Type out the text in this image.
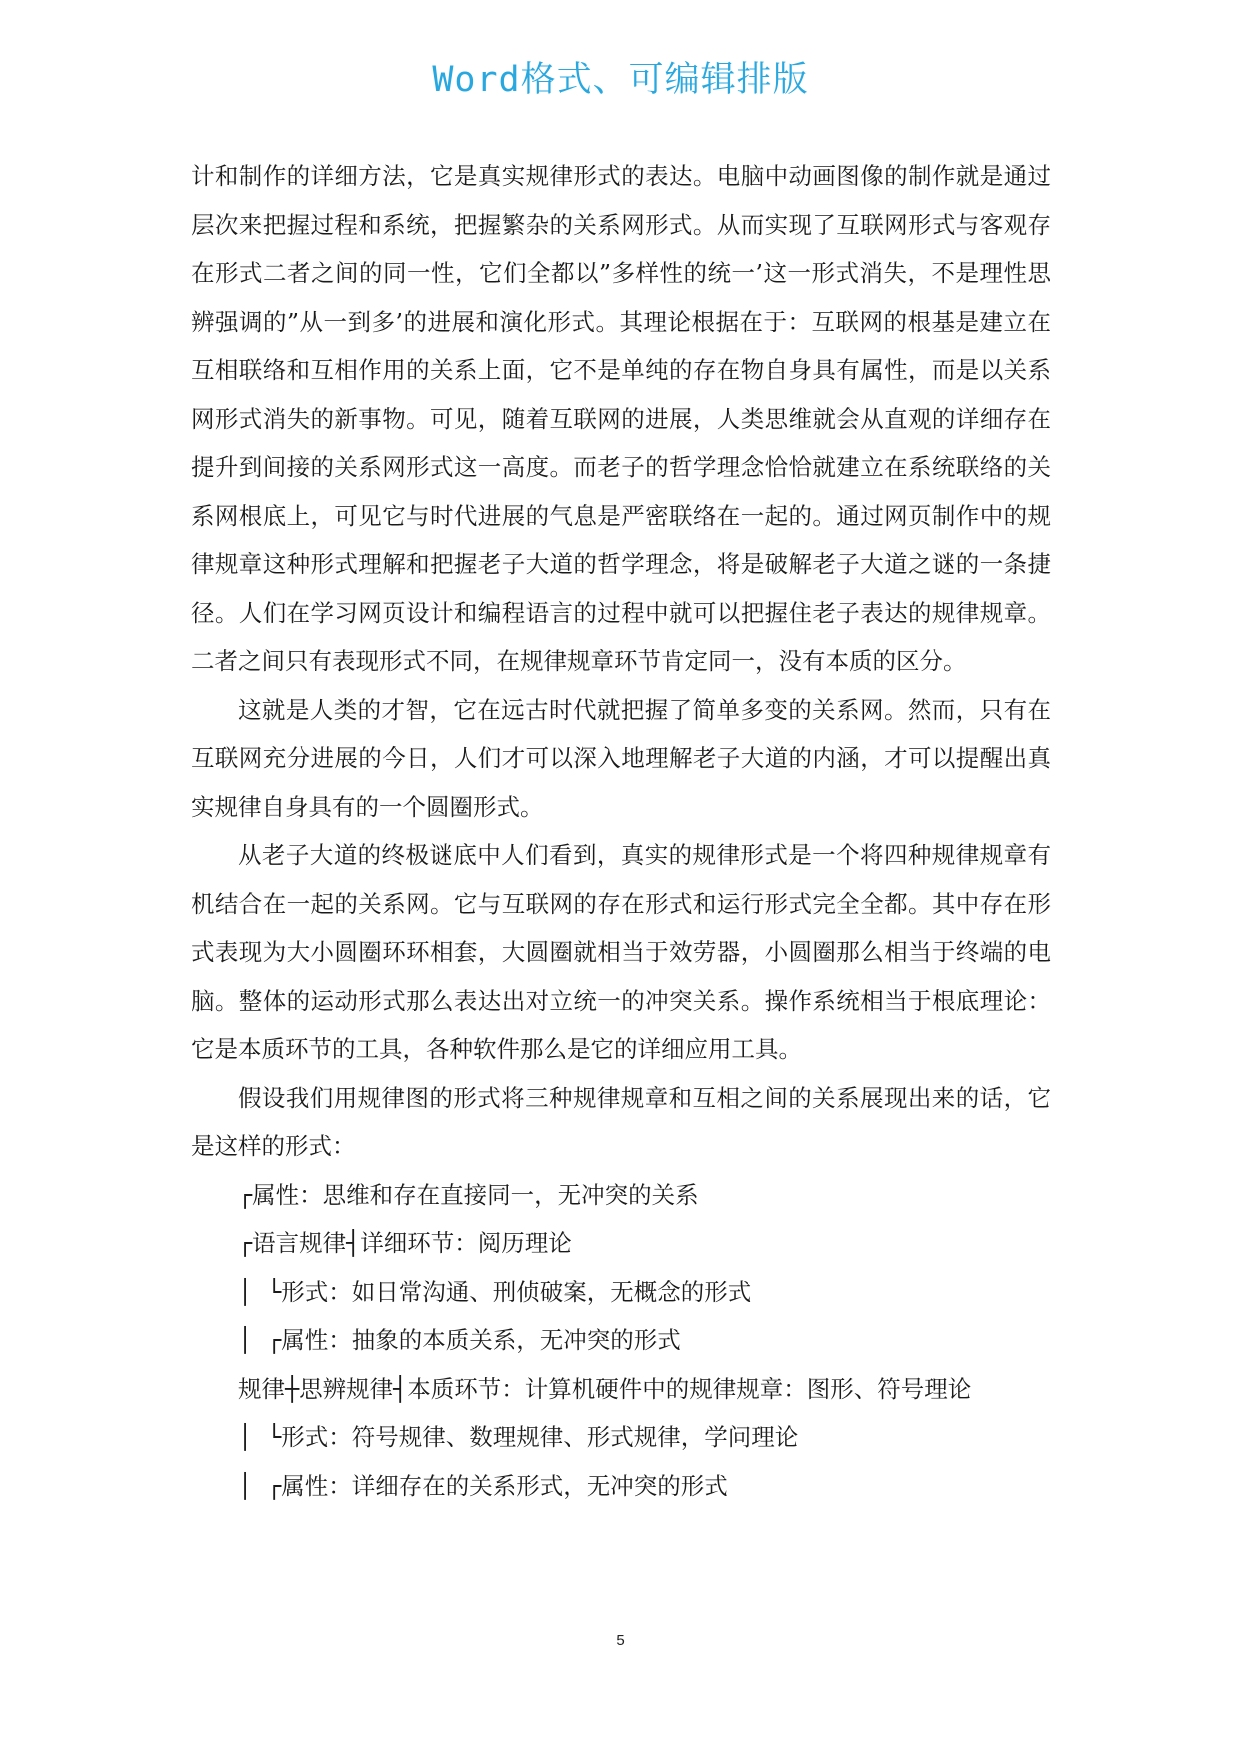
Word格式、可编辑排版

计和制作的详细方法，它是真实规律形式的表达。电脑中动画图像的制作就是通过层次来把握过程和系统，把握繁杂的关系网形式。从而实现了互联网形式与客观存在形式二者之间的同一性，它们全都以”多样性的统一’这一形式消失，不是理性思辨强调的”从一到多’的进展和演化形式。其理论根据在于：互联网的根基是建立在互相联络和互相作用的关系上面，它不是单纯的存在物自身具有属性，而是以关系网形式消失的新事物。可见，随着互联网的进展，人类思维就会从直观的详细存在提升到间接的关系网形式这一高度。而老子的哲学理念恰恰就建立在系统联络的关系网根底上，可见它与时代进展的气息是严密联络在一起的。通过网页制作中的规律规章这种形式理解和把握老子大道的哲学理念，将是破解老子大道之谜的一条捷径。人们在学习网页设计和编程语言的过程中就可以把握住老子表达的规律规章。二者之间只有表现形式不同，在规律规章环节肯定同一，没有本质的区分。

这就是人类的才智，它在远古时代就把握了简单多变的关系网。然而，只有在互联网充分进展的今日，人们才可以深入地理解老子大道的内涵，才可以提醒出真实规律自身具有的一个圆圈形式。

从老子大道的终极谜底中人们看到，真实的规律形式是一个将四种规律规章有机结合在一起的关系网。它与互联网的存在形式和运行形式完全全都。其中存在形式表现为大小圆圈环环相套，大圆圈就相当于效劳器，小圆圈那么相当于终端的电脑。整体的运动形式那么表达出对立统一的冲突关系。操作系统相当于根底理论：它是本质环节的工具，各种软件那么是它的详细应用工具。

假设我们用规律图的形式将三种规律规章和互相之间的关系展现出来的话，它是这样的形式：

┌属性：思维和存在直接同一，无冲突的关系

┌语言规律┤详细环节：阅历理论

│  └形式：如日常沟通、刑侦破案，无概念的形式

│  ┌属性：抽象的本质关系，无冲突的形式

规律┼思辨规律┤本质环节：计算机硬件中的规律规章：图形、符号理论

│  └形式：符号规律、数理规律、形式规律，学问理论

│  ┌属性：详细存在的关系形式，无冲突的形式

5
